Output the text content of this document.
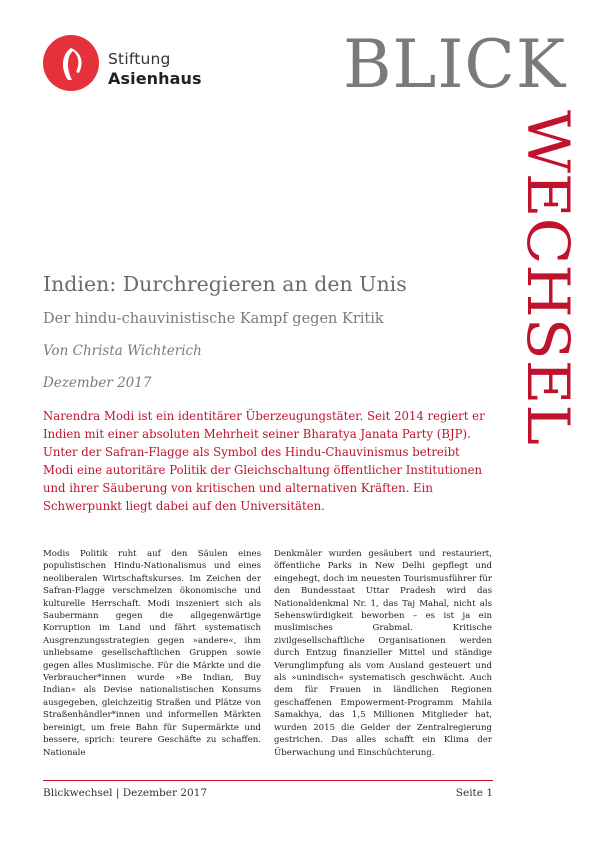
Stiftung
Asienhaus BLICK
WECHSEL
Indien: Durchregieren an den Unis
Der hindu-chauvinistische Kampf gegen Kritik
Von Christa Wichterich
Dezember 2017

Narendra Modi ist ein identitärer Überzeugungstäter. Seit 2014 regiert er Indien mit einer absoluten Mehrheit seiner Bharatya Janata Party (BJP). Unter der Safran-Flagge als Symbol des Hindu-Chauvinismus betreibt Modi eine autoritäre Politik der Gleichschaltung öffentlicher Institutionen und ihrer Säuberung von kritischen und alternativen Kräften. Ein Schwerpunkt liegt dabei auf den Universitäten.

Modis Politik ruht auf den Säulen eines populistischen Hindu-Nationalismus und eines neoliberalen Wirtschaftskurses. Im Zeichen der Safran-Flagge verschmelzen ökonomische und kulturelle Herrschaft. Modi inszeniert sich als Saubermann gegen die allgegenwärtige Korruption im Land und fährt systematisch Ausgrenzungsstrategien gegen »andere«, ihm unliebsame gesellschaftlichen Gruppen sowie gegen alles Muslimische. Für die Märkte und die Verbraucher*innen wurde »Be Indian, Buy Indian« als Devise nationalistischen Konsums ausgegeben, gleichzeitig Straßen und Plätze von Straßenhändler*innen und informellen Märkten bereinigt, um freie Bahn für Supermärkte und bessere, sprich: teurere Geschäfte zu schaffen. Nationale

Denkmäler wurden gesäubert und restauriert, öffentliche Parks in New Delhi gepflegt und eingehegt, doch im neuesten Tourismusführer für den Bundesstaat Uttar Pradesh wird das Nationaldenkmal Nr. 1, das Taj Mahal, nicht als Sehenswürdigkeit beworben – es ist ja ein muslimisches Grabmal. Kritische zivilgesellschaftliche Organisationen werden durch Entzug finanzieller Mittel und ständige Verunglimpfung als vom Ausland gesteuert und als »unindisch« systematisch geschwächt. Auch dem für Frauen in ländlichen Regionen geschaffenen Empowerment-Programm Mahila Samakhya, das 1,5 Millionen Mitglieder hat, wurden 2015 die Gelder der Zentralregierung gestrichen. Das alles schafft ein Klima der Überwachung und Einschüchterung.

Blickwechsel | Dezember 2017	Seite 1
